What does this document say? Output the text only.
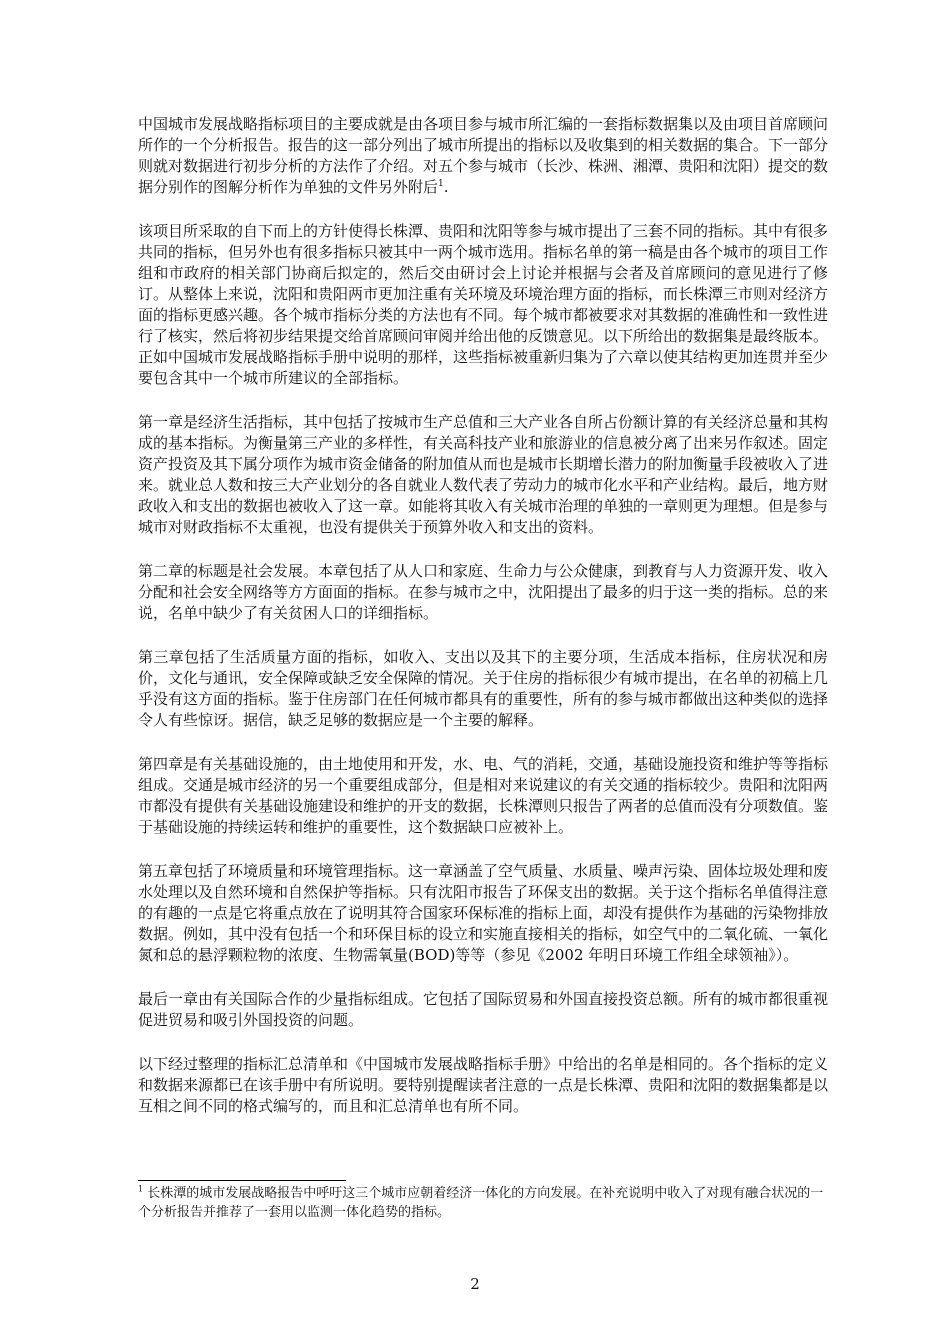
中国城市发展战略指标项目的主要成就是由各项目参与城市所汇编的一套指标数据集以及由项目首席顾问所作的一个分析报告。报告的这一部分列出了城市所提出的指标以及收集到的相关数据的集合。下一部分则就对数据进行初步分析的方法作了介绍。对五个参与城市（长沙、株洲、湘潭、贵阳和沈阳）提交的数据分别作的图解分析作为单独的文件另外附后$^1$.

该项目所采取的自下而上的方针使得长株潭、贵阳和沈阳等参与城市提出了三套不同的指标。其中有很多共同的指标，但另外也有很多指标只被其中一两个城市选用。指标名单的第一稿是由各个城市的项目工作组和市政府的相关部门协商后拟定的，然后交由研讨会上讨论并根据与会者及首席顾问的意见进行了修订。从整体上来说，沈阳和贵阳两市更加注重有关环境及环境治理方面的指标，而长株潭三市则对经济方面的指标更感兴趣。各个城市指标分类的方法也有不同。每个城市都被要求对其数据的准确性和一致性进行了核实，然后将初步结果提交给首席顾问审阅并给出他的反馈意见。以下所给出的数据集是最终版本。正如中国城市发展战略指标手册中说明的那样，这些指标被重新归集为了六章以使其结构更加连贯并至少要包含其中一个城市所建议的全部指标。

第一章是经济生活指标，其中包括了按城市生产总值和三大产业各自所占份额计算的有关经济总量和其构成的基本指标。为衡量第三产业的多样性，有关高科技产业和旅游业的信息被分离了出来另作叙述。固定资产投资及其下属分项作为城市资金储备的附加值从而也是城市长期增长潜力的附加衡量手段被收入了进来。就业总人数和按三大产业划分的各自就业人数代表了劳动力的城市化水平和产业结构。最后，地方财政收入和支出的数据也被收入了这一章。如能将其收入有关城市治理的单独的一章则更为理想。但是参与城市对财政指标不太重视，也没有提供关于预算外收入和支出的资料。

第二章的标题是社会发展。本章包括了从人口和家庭、生命力与公众健康，到教育与人力资源开发、收入分配和社会安全网络等方方面面的指标。在参与城市之中，沈阳提出了最多的归于这一类的指标。总的来说，名单中缺少了有关贫困人口的详细指标。

第三章包括了生活质量方面的指标，如收入、支出以及其下的主要分项，生活成本指标，住房状况和房价，文化与通讯，安全保障或缺乏安全保障的情况。关于住房的指标很少有城市提出，在名单的初稿上几乎没有这方面的指标。鉴于住房部门在任何城市都具有的重要性，所有的参与城市都做出这种类似的选择令人有些惊讶。据信，缺乏足够的数据应是一个主要的解释。

第四章是有关基础设施的，由土地使用和开发，水、电、气的消耗，交通，基础设施投资和维护等等指标组成。交通是城市经济的另一个重要组成部分，但是相对来说建议的有关交通的指标较少。贵阳和沈阳两市都没有提供有关基础设施建设和维护的开支的数据，长株潭则只报告了两者的总值而没有分项数值。鉴于基础设施的持续运转和维护的重要性，这个数据缺口应被补上。

第五章包括了环境质量和环境管理指标。这一章涵盖了空气质量、水质量、噪声污染、固体垃圾处理和废水处理以及自然环境和自然保护等指标。只有沈阳市报告了环保支出的数据。关于这个指标名单值得注意的有趣的一点是它将重点放在了说明其符合国家环保标准的指标上面，却没有提供作为基础的污染物排放数据。例如，其中没有包括一个和环保目标的设立和实施直接相关的指标，如空气中的二氧化硫、一氧化氮和总的悬浮颗粒物的浓度、生物需氧量(BOD)等等（参见《2002 年明日环境工作组全球领袖》）。

最后一章由有关国际合作的少量指标组成。它包括了国际贸易和外国直接投资总额。所有的城市都很重视促进贸易和吸引外国投资的问题。

以下经过整理的指标汇总清单和《中国城市发展战略指标手册》中给出的名单是相同的。各个指标的定义和数据来源都已在该手册中有所说明。要特别提醒读者注意的一点是长株潭、贵阳和沈阳的数据集都是以互相之间不同的格式编写的，而且和汇总清单也有所不同。

$^1$ 长株潭的城市发展战略报告中呼吁这三个城市应朝着经济一体化的方向发展。在补充说明中收入了对现有融合状况的一个分析报告并推荐了一套用以监测一体化趋势的指标。
2
